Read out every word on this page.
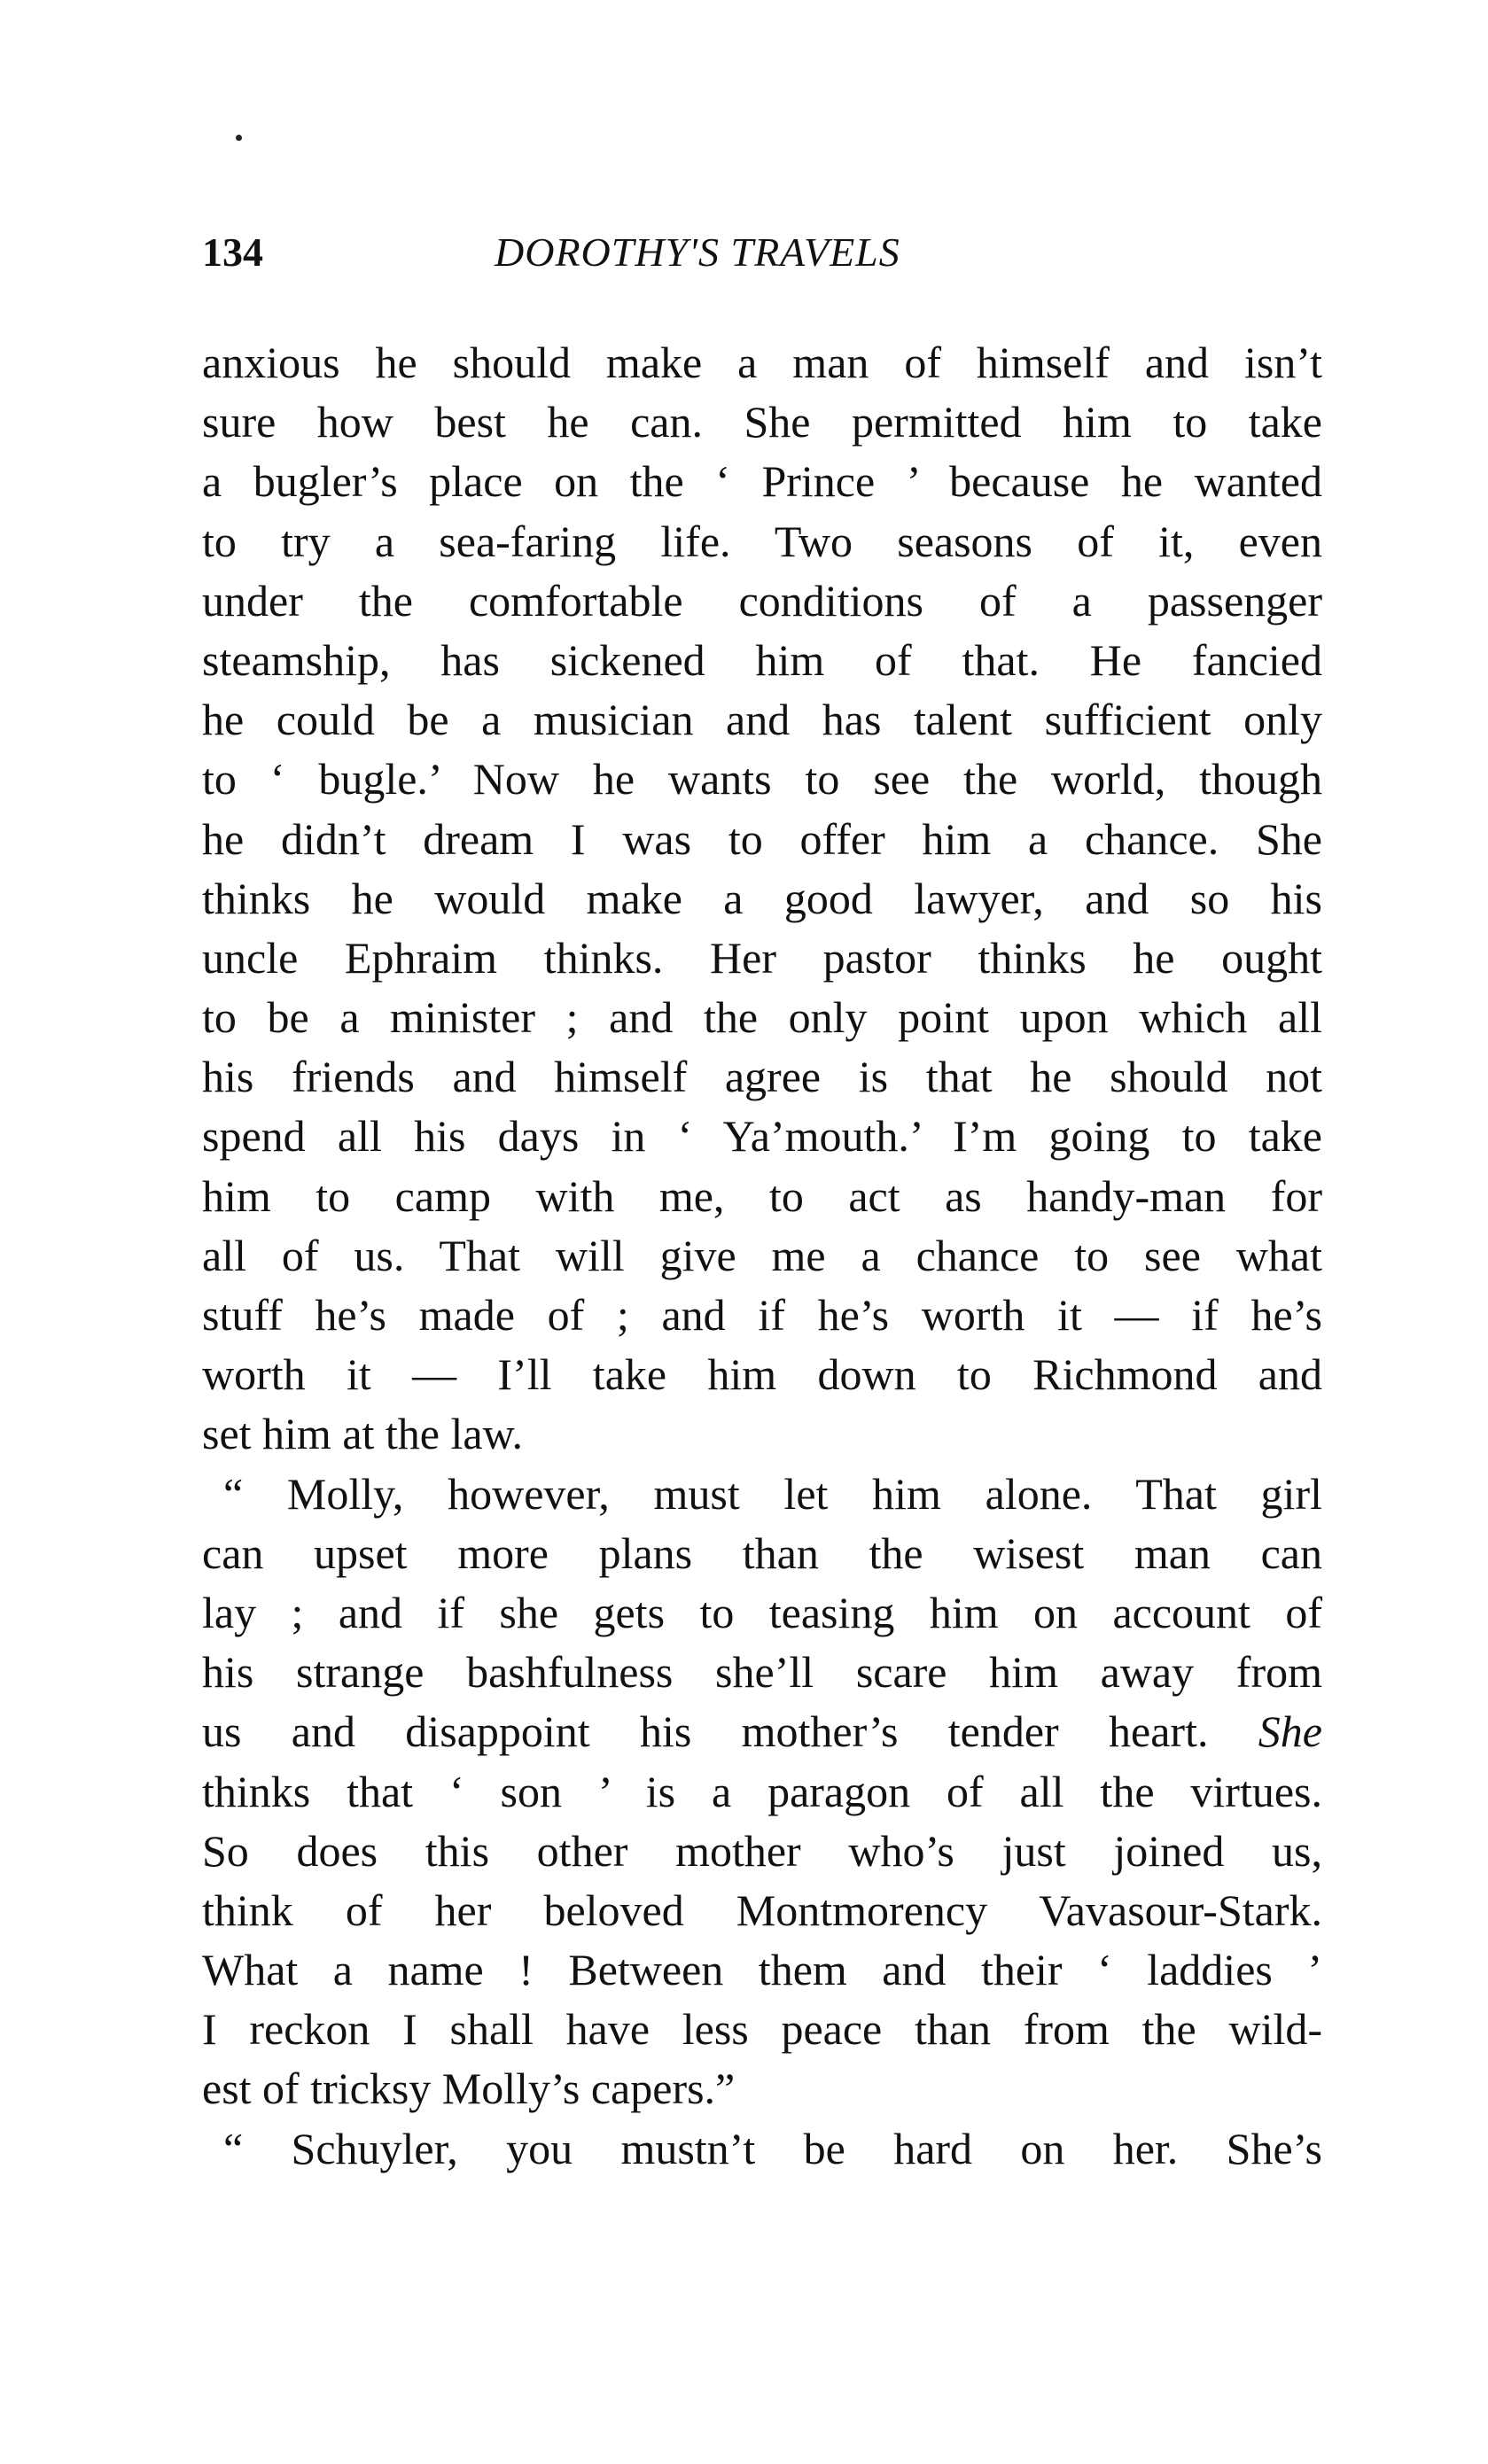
134	DOROTHY'S TRAVELS
anxious he should make a man of himself and isn’t
sure how best he can. She permitted him to take
a bugler’s place on the ‘ Prince ’ because he wanted
to try a sea-faring life. Two seasons of it, even
under the comfortable conditions of a passenger
steamship, has sickened him of that. He fancied
he could be a musician and has talent sufficient only
to ‘ bugle.’ Now he wants to see the world, though
he didn’t dream I was to offer him a chance. She
thinks he would make a good lawyer, and so his
uncle Ephraim thinks. Her pastor thinks he ought
to be a minister ; and the only point upon which all
his friends and himself agree is that he should not
spend all his days in ‘ Ya’mouth.’ I’m going to take
him to camp with me, to act as handy-man for
all of us. That will give me a chance to see what
stuff he’s made of ; and if he’s worth it — if he’s
worth it — I’ll take him down to Richmond and
set him at the law.
“ Molly, however, must let him alone. That girl
can upset more plans than the wisest man can
lay ; and if she gets to teasing him on account of
his strange bashfulness she’ll scare him away from
us and disappoint his mother’s tender heart. She
thinks that ‘ son ’ is a paragon of all the virtues.
So does this other mother who’s just joined us,
think of her beloved Montmorency Vavasour-Stark.
What a name ! Between them and their ‘ laddies ’
I reckon I shall have less peace than from the wild-
est of tricksy Molly’s capers.”
“ Schuyler, you mustn’t be hard on her. She’s
